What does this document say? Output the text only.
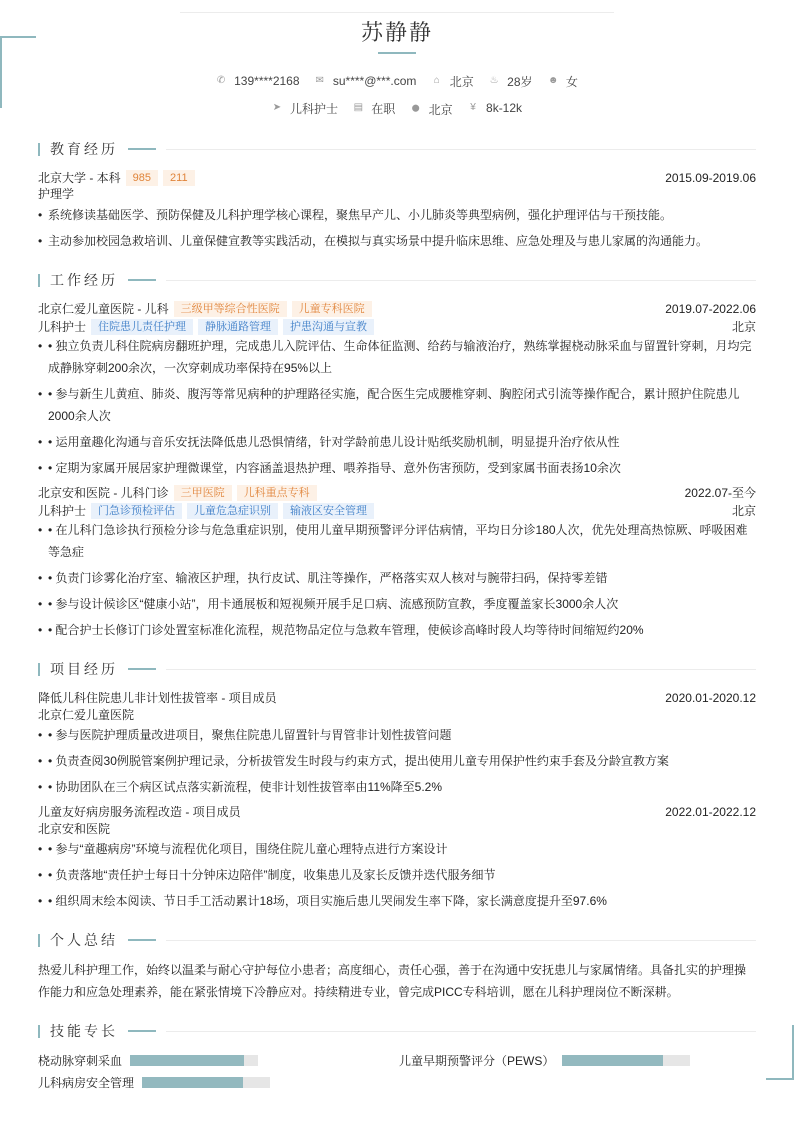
苏静静
✆ 139****2168
✉ su****@***.com
⌂ 北京
♨ 28岁
☻ 女
➤ 儿科护士
▤ 在职
⬤ 北京
¥ 8k-12k
教育经历
北京大学 - 本科	985	211	2015.09-2019.06
护理学
• 系统修读基础医学、预防保健及儿科护理学核心课程，聚焦早产儿、小儿肺炎等典型病例，强化护理评估与干预技能。
• 主动参加校园急救培训、儿童保健宣教等实践活动，在模拟与真实场景中提升临床思维、应急处理及与患儿家属的沟通能力。
工作经历
北京仁爱儿童医院 - 儿科	三级甲等综合性医院	儿童专科医院	2019.07-2022.06
儿科护士	住院患儿责任护理	静脉通路管理	护患沟通与宣教	北京
• • 独立负责儿科住院病房翻班护理，完成患儿入院评估、生命体征监测、给药与输液治疗，熟练掌握桡动脉采血与留置针穿刺，月均完成静脉穿刺200余次，一次穿刺成功率保持在95%以上
• • 参与新生儿黄疸、肺炎、腹泻等常见病种的护理路径实施，配合医生完成腰椎穿刺、胸腔闭式引流等操作配合，累计照护住院患儿2000余人次
• • 运用童趣化沟通与音乐安抚法降低患儿恐惧情绪，针对学龄前患儿设计贴纸奖励机制，明显提升治疗依从性
• • 定期为家属开展居家护理微课堂，内容涵盖退热护理、喂养指导、意外伤害预防，受到家属书面表扬10余次
北京安和医院 - 儿科门诊	三甲医院	儿科重点专科	2022.07-至今
儿科护士	门急诊预检评估	儿童危急症识别	输液区安全管理	北京
• • 在儿科门急诊执行预检分诊与危急重症识别，使用儿童早期预警评分评估病情，平均日分诊180人次，优先处理高热惊厥、呼吸困难等急症
• • 负责门诊雾化治疗室、输液区护理，执行皮试、肌注等操作，严格落实双人核对与腕带扫码，保持零差错
• • 参与设计候诊区“健康小站”，用卡通展板和短视频开展手足口病、流感预防宣教，季度覆盖家长3000余人次
• • 配合护士长修订门诊处置室标准化流程，规范物品定位与急救车管理，使候诊高峰时段人均等待时间缩短约20%
项目经历
降低儿科住院患儿非计划性拔管率 - 项目成员	2020.01-2020.12
北京仁爱儿童医院
• • 参与医院护理质量改进项目，聚焦住院患儿留置针与胃管非计划性拔管问题
• • 负责查阅30例脱管案例护理记录，分析拔管发生时段与约束方式，提出使用儿童专用保护性约束手套及分龄宣教方案
• • 协助团队在三个病区试点落实新流程，使非计划性拔管率由11%降至5.2%
儿童友好病房服务流程改造 - 项目成员	2022.01-2022.12
北京安和医院
• • 参与“童趣病房”环境与流程优化项目，围绕住院儿童心理特点进行方案设计
• • 负责落地“责任护士每日十分钟床边陪伴”制度，收集患儿及家长反馈并迭代服务细节
• • 组织周末绘本阅读、节日手工活动累计18场，项目实施后患儿哭闹发生率下降，家长满意度提升至97.6%
个人总结
热爱儿科护理工作，始终以温柔与耐心守护每位小患者；高度细心，责任心强，善于在沟通中安抚患儿与家属情绪。具备扎实的护理操作能力和应急处理素养，能在紧张情境下冷静应对。持续精进专业，曾完成PICC专科培训，愿在儿科护理岗位不断深耕。
技能专长
桡动脉穿刺采血	儿童早期预警评分（PEWS）
儿科病房安全管理
